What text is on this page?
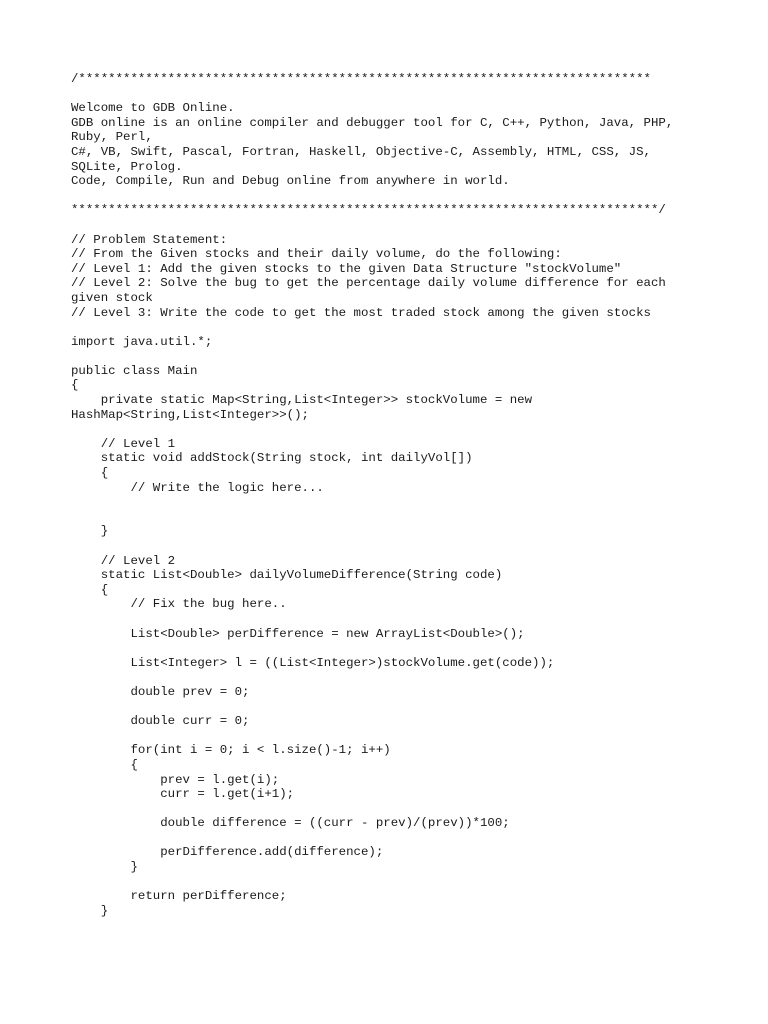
/*****************************************************************************
Welcome to GDB Online.
GDB online is an online compiler and debugger tool for C, C++, Python, Java, PHP,
Ruby, Perl,
C#, VB, Swift, Pascal, Fortran, Haskell, Objective-C, Assembly, HTML, CSS, JS,
SQLite, Prolog.
Code, Compile, Run and Debug online from anywhere in world.
*******************************************************************************/
// Problem Statement:
// From the Given stocks and their daily volume, do the following:
// Level 1: Add the given stocks to the given Data Structure "stockVolume"
// Level 2: Solve the bug to get the percentage daily volume difference for each
given stock
// Level 3: Write the code to get the most traded stock among the given stocks
import java.util.*;
public class Main
{
private static Map<String,List<Integer>> stockVolume = new
HashMap<String,List<Integer>>();
// Level 1
static void addStock(String stock, int dailyVol[])
{
// Write the logic here...
}
// Level 2
static List<Double> dailyVolumeDifference(String code)
{
// Fix the bug here..
List<Double> perDifference = new ArrayList<Double>();
List<Integer> l = ((List<Integer>)stockVolume.get(code));
double prev = 0;
double curr = 0;
for(int i = 0; i < l.size()-1; i++)
{
prev = l.get(i);
curr = l.get(i+1);
double difference = ((curr - prev)/(prev))*100;
perDifference.add(difference);
}
return perDifference;
}
